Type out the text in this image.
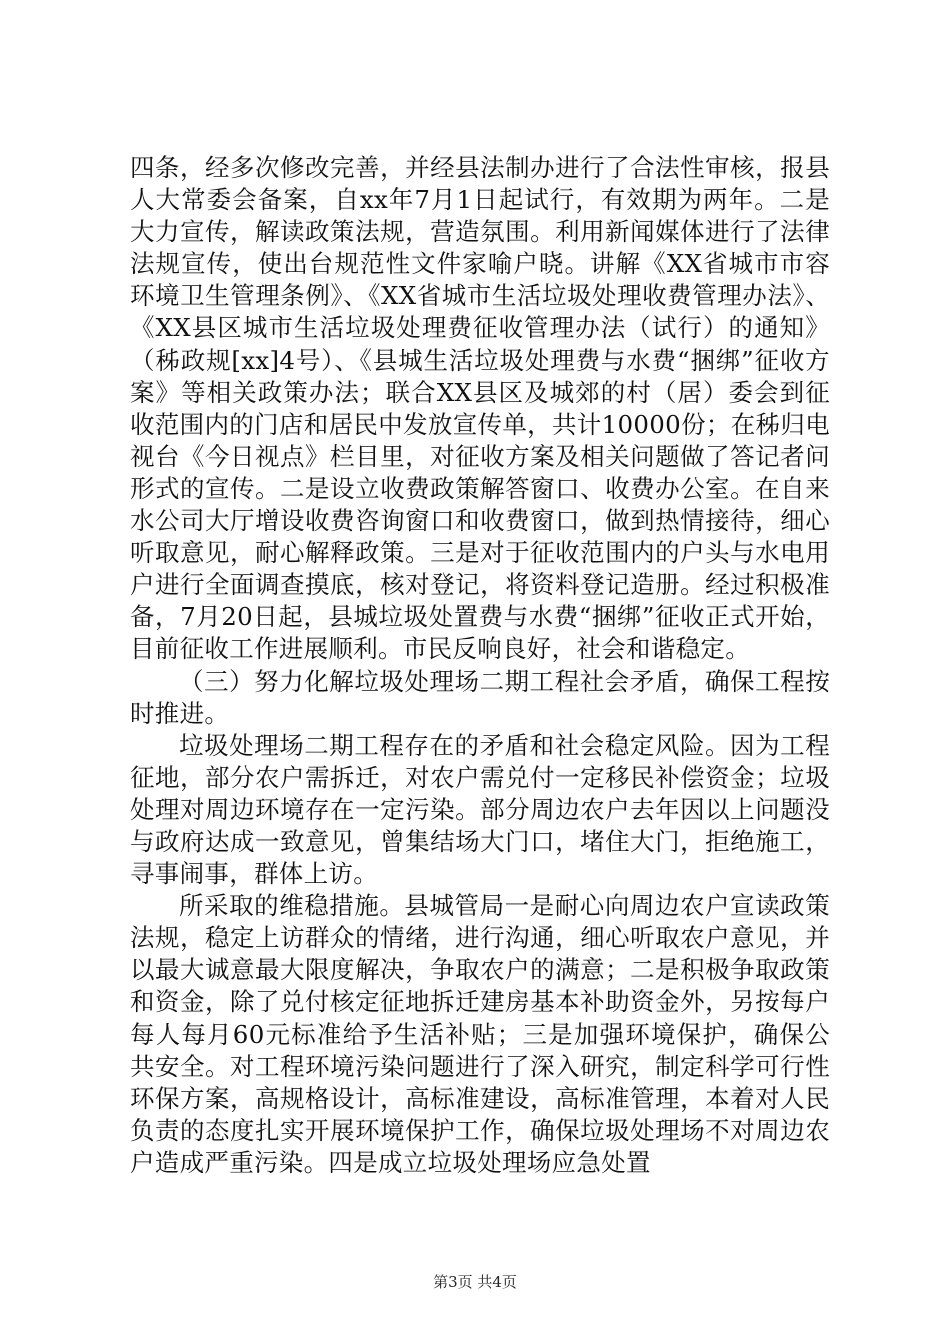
四条，经多次修改完善，并经县法制办进行了合法性审核，报县人大常委会备案，自xx年7月1日起试行，有效期为两年。二是大力宣传，解读政策法规，营造氛围。利用新闻媒体进行了法律法规宣传，使出台规范性文件家喻户晓。讲解《XX省城市市容环境卫生管理条例》、《XX省城市生活垃圾处理收费管理办法》、《XX县区城市生活垃圾处理费征收管理办法（试行）的通知》（秭政规[xx]4号）、《县城生活垃圾处理费与水费“捆绑”征收方案》等相关政策办法；联合XX县区及城郊的村（居）委会到征收范围内的门店和居民中发放宣传单，共计10000份；在秭归电视台《今日视点》栏目里，对征收方案及相关问题做了答记者问形式的宣传。二是设立收费政策解答窗口、收费办公室。在自来水公司大厅增设收费咨询窗口和收费窗口，做到热情接待，细心听取意见，耐心解释政策。三是对于征收范围内的户头与水电用户进行全面调查摸底，核对登记，将资料登记造册。经过积极准备，7月20日起，县城垃圾处置费与水费“捆绑”征收正式开始，目前征收工作进展顺利。市民反响良好，社会和谐稳定。

（三）努力化解垃圾处理场二期工程社会矛盾，确保工程按时推进。

垃圾处理场二期工程存在的矛盾和社会稳定风险。因为工程征地，部分农户需拆迁，对农户需兑付一定移民补偿资金；垃圾处理对周边环境存在一定污染。部分周边农户去年因以上问题没与政府达成一致意见，曾集结场大门口，堵住大门，拒绝施工，寻事闹事，群体上访。

所采取的维稳措施。县城管局一是耐心向周边农户宣读政策法规，稳定上访群众的情绪，进行沟通，细心听取农户意见，并以最大诚意最大限度解决，争取农户的满意；二是积极争取政策和资金，除了兑付核定征地拆迁建房基本补助资金外，另按每户每人每月60元标准给予生活补贴；三是加强环境保护，确保公共安全。对工程环境污染问题进行了深入研究，制定科学可行性环保方案，高规格设计，高标准建设，高标准管理，本着对人民负责的态度扎实开展环境保护工作，确保垃圾处理场不对周边农户造成严重污染。四是成立垃圾处理场应急处置

第3页 共4页
